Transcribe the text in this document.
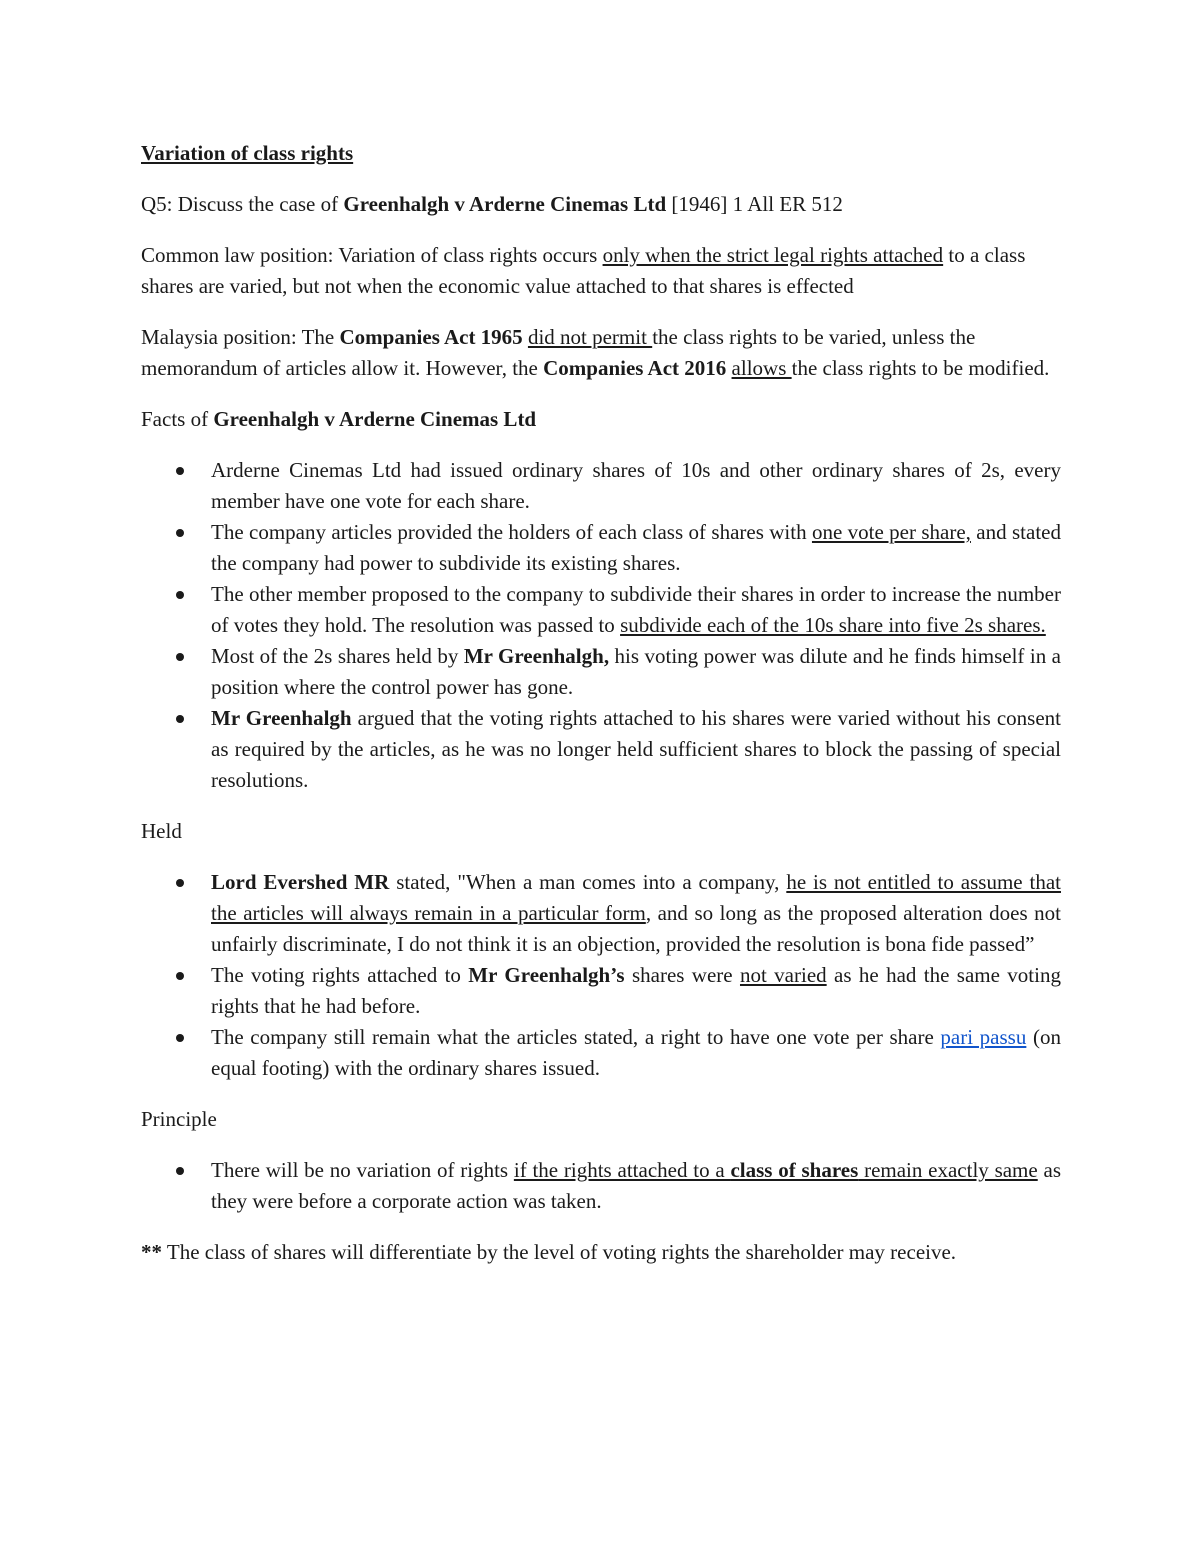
Variation of class rights

Q5: Discuss the case of Greenhalgh v Arderne Cinemas Ltd [1946] 1 All ER 512

Common law position: Variation of class rights occurs only when the strict legal rights attached to a class shares are varied, but not when the economic value attached to that shares is effected

Malaysia position: The Companies Act 1965 did not permit the class rights to be varied, unless the memorandum of articles allow it. However, the Companies Act 2016 allows the class rights to be modified.

Facts of Greenhalgh v Arderne Cinemas Ltd

Arderne Cinemas Ltd had issued ordinary shares of 10s and other ordinary shares of 2s, every member have one vote for each share.
The company articles provided the holders of each class of shares with one vote per share, and stated the company had power to subdivide its existing shares.
The other member proposed to the company to subdivide their shares in order to increase the number of votes they hold. The resolution was passed to subdivide each of the 10s share into five 2s shares.
Most of the 2s shares held by Mr Greenhalgh, his voting power was dilute and he finds himself in a position where the control power has gone.
Mr Greenhalgh argued that the voting rights attached to his shares were varied without his consent as required by the articles, as he was no longer held sufficient shares to block the passing of special resolutions.

Held

Lord Evershed MR stated, "When a man comes into a company, he is not entitled to assume that the articles will always remain in a particular form, and so long as the proposed alteration does not unfairly discriminate, I do not think it is an objection, provided the resolution is bona fide passed”
The voting rights attached to Mr Greenhalgh’s shares were not varied as he had the same voting rights that he had before.
The company still remain what the articles stated, a right to have one vote per share pari passu (on equal footing) with the ordinary shares issued.

Principle

There will be no variation of rights if the rights attached to a class of shares remain exactly same as they were before a corporate action was taken.

** The class of shares will differentiate by the level of voting rights the shareholder may receive.
